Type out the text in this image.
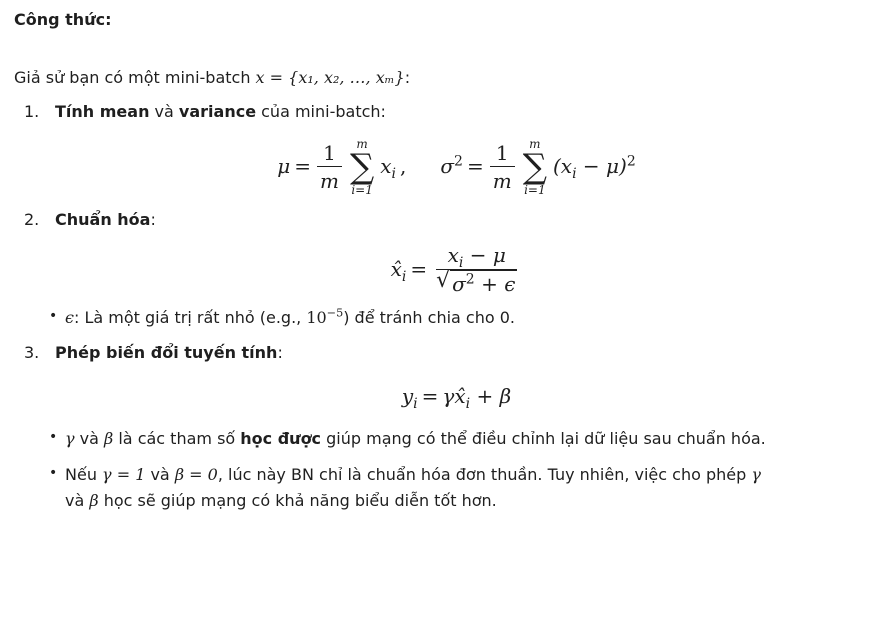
Công thức:
Giả sử bạn có một mini-batch x = {x₁, x₂, …, xₘ}:
1. Tính mean và variance của mini-batch:

$\mu = \frac{1}{m}$ m
∑
i=1
$x_i$ , $\sigma^2 = \frac{1}{m}$ m
∑
i=1
$(x_i - \mu)^2$
2. Chuẩn hóa:

$x̂_i$ =
$x_i - \mu$
√ $\sigma^2 + \epsilon$
• ϵ: Là một giá trị rất nhỏ (e.g., $10^{-5}$) để tránh chia cho 0.
3. Phép biến đổi tuyến tính:

$y_i$ = $\gamma x̂_i + \beta$
• γ và β là các tham số học được giúp mạng có thể điều chỉnh lại dữ liệu sau chuẩn hóa.
• Nếu γ = 1 và β = 0, lúc này BN chỉ là chuẩn hóa đơn thuần. Tuy nhiên, việc cho phép γ
và β học sẽ giúp mạng có khả năng biểu diễn tốt hơn.
